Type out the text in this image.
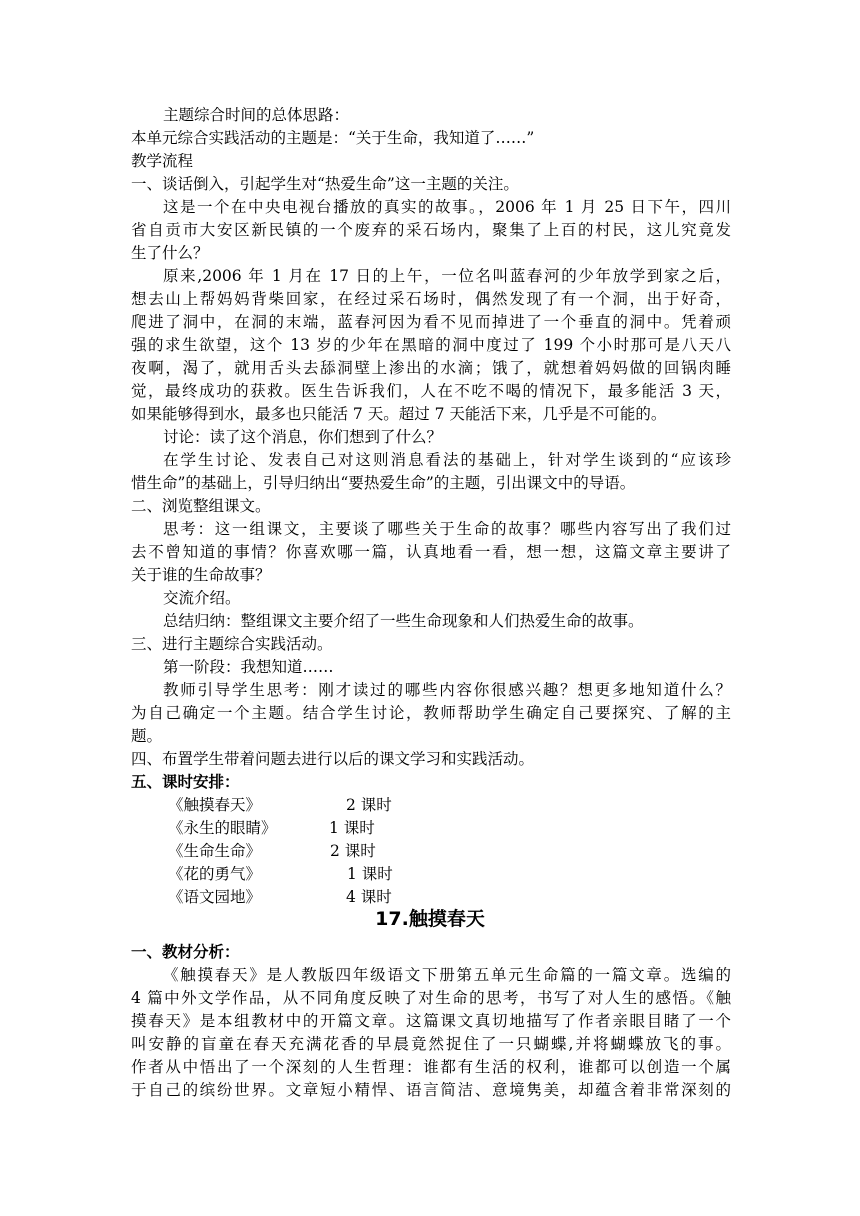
主题综合时间的总体思路：
本单元综合实践活动的主题是：“关于生命，我知道了……”
教学流程
一、谈话倒入，引起学生对“热爱生命”这一主题的关注。
这是一个在中央电视台播放的真实的故事。，2006 年 1 月 25 日下午，四川
省自贡市大安区新民镇的一个废弃的采石场内，聚集了上百的村民，这儿究竟发
生了什么？
原来,2006 年 1 月在 17 日的上午，一位名叫蓝春河的少年放学到家之后，
想去山上帮妈妈背柴回家，在经过采石场时，偶然发现了有一个洞，出于好奇，
爬进了洞中，在洞的末端，蓝春河因为看不见而掉进了一个垂直的洞中。凭着顽
强的求生欲望，这个 13 岁的少年在黑暗的洞中度过了 199 个小时那可是八天八
夜啊，渴了，就用舌头去舔洞壁上渗出的水滴；饿了，就想着妈妈做的回锅肉睡
觉，最终成功的获救。医生告诉我们，人在不吃不喝的情况下，最多能活 3 天，
如果能够得到水，最多也只能活 7 天。超过 7 天能活下来，几乎是不可能的。
讨论：读了这个消息，你们想到了什么？
在学生讨论、发表自己对这则消息看法的基础上，针对学生谈到的“应该珍
惜生命”的基础上，引导归纳出“要热爱生命”的主题，引出课文中的导语。
二、浏览整组课文。
思考：这一组课文，主要谈了哪些关于生命的故事？哪些内容写出了我们过
去不曾知道的事情？你喜欢哪一篇，认真地看一看，想一想，这篇文章主要讲了
关于谁的生命故事？
交流介绍。
总结归纳：整组课文主要介绍了一些生命现象和人们热爱生命的故事。
三、进行主题综合实践活动。
第一阶段：我想知道……
教师引导学生思考：刚才读过的哪些内容你很感兴趣？想更多地知道什么？
为自己确定一个主题。结合学生讨论，教师帮助学生确定自己要探究、了解的主
题。
四、布置学生带着问题去进行以后的课文学习和实践活动。
五、课时安排：
《触摸春天》	2 课时
《永生的眼睛》	1 课时
《生命生命》	2 课时
《花的勇气》	1 课时
《语文园地》	4 课时
17.触摸春天
一、教材分析：
《触摸春天》是人教版四年级语文下册第五单元生命篇的一篇文章。选编的
4 篇中外文学作品，从不同角度反映了对生命的思考，书写了对人生的感悟。《触
摸春天》是本组教材中的开篇文章。这篇课文真切地描写了作者亲眼目睹了一个
叫安静的盲童在春天充满花香的早晨竟然捉住了一只蝴蝶,并将蝴蝶放飞的事。
作者从中悟出了一个深刻的人生哲理：谁都有生活的权利，谁都可以创造一个属
于自己的缤纷世界。文章短小精悍、语言简洁、意境隽美，却蕴含着非常深刻的
